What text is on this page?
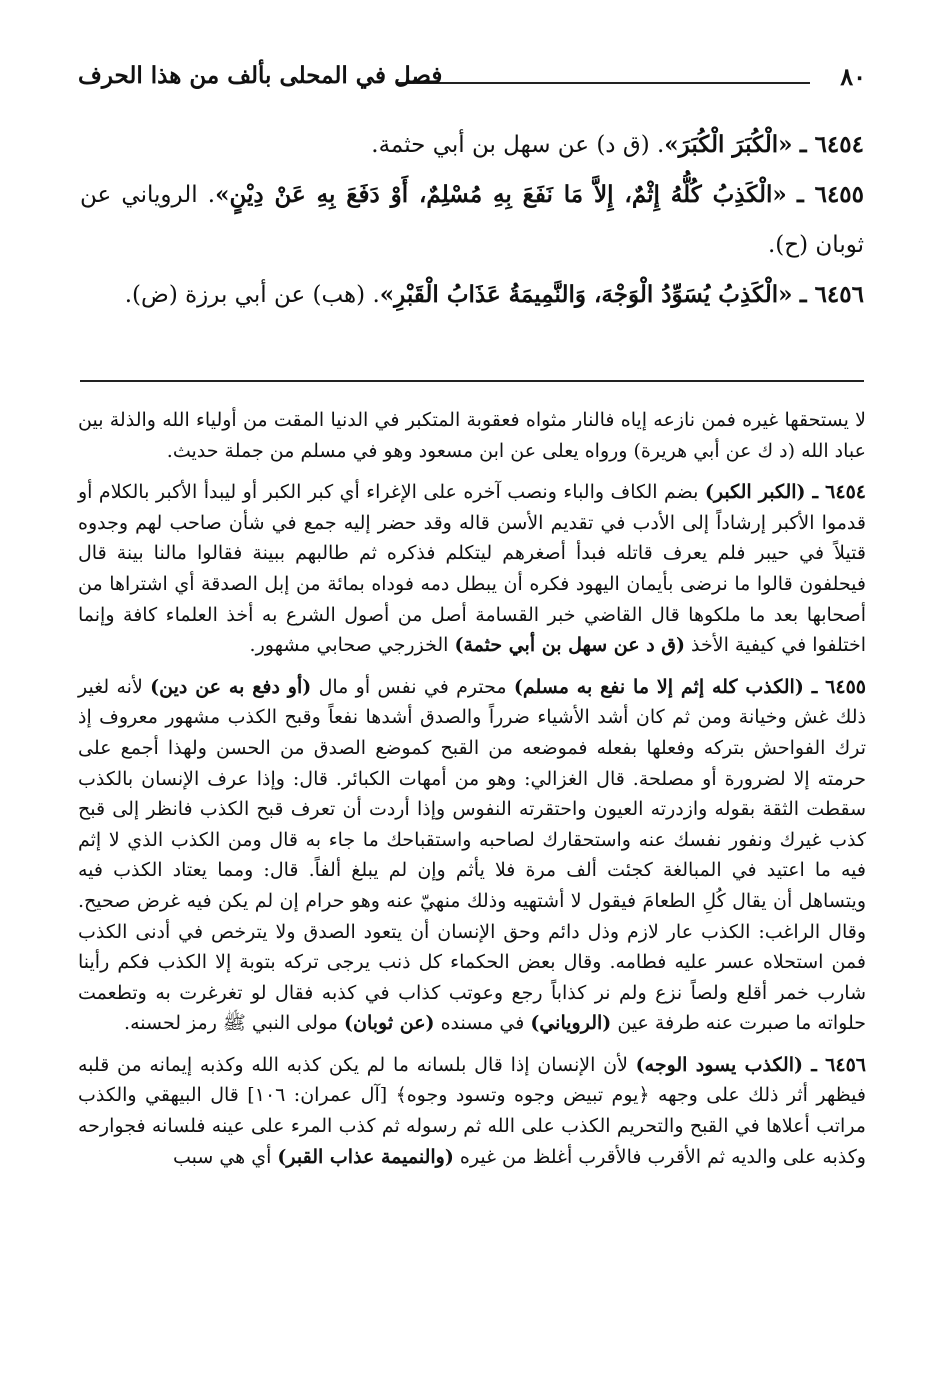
٨٠
فصل في المحلى بألف من هذا الحرف

٦٤٥٤ ـ «الْكُبَرَ الْكُبَرَ». (ق د) عن سهل بن أبي حثمة.

٦٤٥٥ ـ «الْكَذِبُ كُلُّهُ إِثْمٌ، إِلاَّ مَا نَفَعَ بِهِ مُسْلِمٌ، أَوْ دَفَعَ بِهِ عَنْ دِيْنٍ». الروياني عن ثوبان (ح).

٦٤٥٦ ـ «الْكَذِبُ يُسَوِّدُ الْوَجْهَ، وَالنَّمِيمَةُ عَذَابُ الْقَبْرِ». (هب) عن أبي برزة (ض).

لا يستحقها غيره فمن نازعه إياه فالنار مثواه فعقوبة المتكبر في الدنيا المقت من أولياء الله والذلة بين عباد الله (د ك عن أبي هريرة) ورواه يعلى عن ابن مسعود وهو في مسلم من جملة حديث.

٦٤٥٤ ـ (الكبر الكبر) بضم الكاف والباء ونصب آخره على الإغراء أي كبر الكبر أو ليبدأ الأكبر بالكلام أو قدموا الأكبر إرشاداً إلى الأدب في تقديم الأسن قاله وقد حضر إليه جمع في شأن صاحب لهم وجدوه قتيلاً في حيبر فلم يعرف قاتله فبدأ أصغرهم ليتكلم فذكره ثم طالبهم ببينة فقالوا مالنا بينة قال فيحلفون قالوا ما نرضى بأيمان اليهود فكره أن يبطل دمه فوداه بمائة من إبل الصدقة أي اشتراها من أصحابها بعد ما ملكوها قال القاضي خبر القسامة أصل من أصول الشرع به أخذ العلماء كافة وإنما اختلفوا في كيفية الأخذ (ق د عن سهل بن أبي حثمة) الخزرجي صحابي مشهور.

٦٤٥٥ ـ (الكذب كله إثم إلا ما نفع به مسلم) محترم في نفس أو مال (أو دفع به عن دين) لأنه لغير ذلك غش وخيانة ومن ثم كان أشد الأشياء ضرراً والصدق أشدها نفعاً وقبح الكذب مشهور معروف إذ ترك الفواحش بتركه وفعلها بفعله فموضعه من القبح كموضع الصدق من الحسن ولهذا أجمع على حرمته إلا لضرورة أو مصلحة. قال الغزالي: وهو من أمهات الكبائر. قال: وإذا عرف الإنسان بالكذب سقطت الثقة بقوله وازدرته العيون واحتقرته النفوس وإذا أردت أن تعرف قبح الكذب فانظر إلى قبح كذب غيرك ونفور نفسك عنه واستحقارك لصاحبه واستقباحك ما جاء به قال ومن الكذب الذي لا إثم فيه ما اعتيد في المبالغة كجئت ألف مرة فلا يأثم وإن لم يبلغ ألفاً. قال: ومما يعتاد الكذب فيه ويتساهل أن يقال كُلِ الطعامَ فيقول لا أشتهيه وذلك منهيّ عنه وهو حرام إن لم يكن فيه غرض صحيح. وقال الراغب: الكذب عار لازم وذل دائم وحق الإنسان أن يتعود الصدق ولا يترخص في أدنى الكذب فمن استحلاه عسر عليه فطامه. وقال بعض الحكماء كل ذنب يرجى تركه بتوبة إلا الكذب فكم رأينا شارب خمر أقلع ولصاً نزع ولم نر كذاباً رجع وعوتب كذاب في كذبه فقال لو تغرغرت به وتطعمت حلواته ما صبرت عنه طرفة عين (الروياني) في مسنده (عن ثوبان) مولى النبي ﷺ رمز لحسنه.

٦٤٥٦ ـ (الكذب يسود الوجه) لأن الإنسان إذا قال بلسانه ما لم يكن كذبه الله وكذبه إيمانه من قلبه فيظهر أثر ذلك على وجهه ﴿يوم تبيض وجوه وتسود وجوه﴾ [آل عمران: ١٠٦] قال البيهقي والكذب مراتب أعلاها في القبح والتحريم الكذب على الله ثم رسوله ثم كذب المرء على عينه فلسانه فجوارحه وكذبه على والديه ثم الأقرب فالأقرب أغلظ من غيره (والنميمة عذاب القبر) أي هي سبب
